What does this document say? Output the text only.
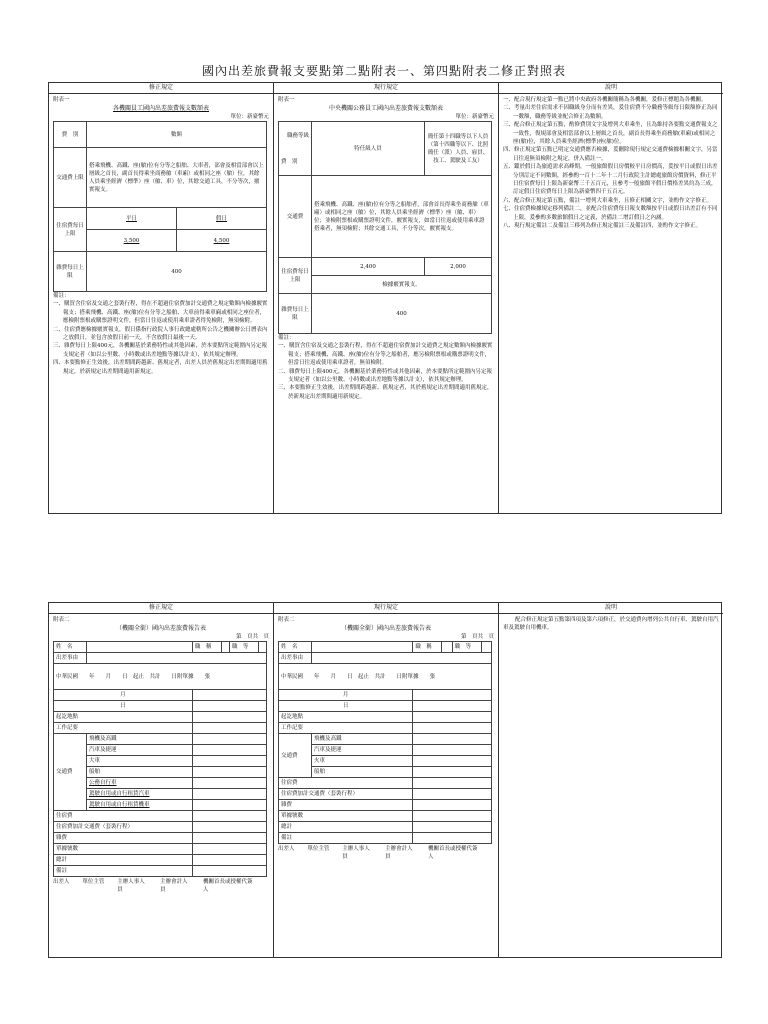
國內出差旅費報支要點第二點附表一、第四點附表二修正對照表
修正規定
附表一
各機關員工國內出差旅費報支數額表
單位：新臺幣元
費　別	數額	
交通費上限	搭乘飛機、高鐵、座(艙)位有分等之船舶、大車者，部會及相當部會以上層級之首長，副首長得乘坐商務艙（車廂）或相同之座（艙）位，其餘人員乘坐經濟（標準）座（艙、車）位，其餘交通工具，不分等次，覈實報支。	
住宿費每日上限	平日	假日
	3,500	4,500
雜費每日上限	400	
備註：

一、購買含住宿及交通之套裝行程，得在不超過住宿費加計交通費之規定數額內檢據覈實報支；搭乘飛機、高鐵、座(艙)位有分等之船舶、大車前得乘車廂或相同之座位者，應檢附票根或購票證明文件，但當日往返或使用乘車證者得免檢附，無須檢附。

二、住宿費應檢據覈實報支，假日係指行政院人事行政總處轄所公告之機關辦公日曆表內之放假日，並包含放假日前一天，不含放假日最後一天。

三、雜費每日上限400元，各機關基於業務特性或其他因素，於本要點所定範圍內另定報支規定者（如以公里數、小時數或出差地點等據以計支），依其規定辦理。

四、本要點修正生效後，出差期間跨越新、舊規定者，出差人員於舊規定出差期間適用舊規定，於新規定出差期間適用新規定。

現行規定
附表一
中央機關公務員工國內出差旅費報支數額表
單位：新臺幣元
職務等級
費　別	特任級人員	簡任第十四職等以下人員（第十四職等以下、比照簡任（派）人員、雇員、技工、駕駛及工友）
交通費	搭乘飛機、高鐵、座(艙)位有分等之船舶者，部會首長得乘坐商務艙（車廂）或相同之座（艙）位，其餘人員乘坐經濟（標準）座（艙、車）位；並檢附票根或購票證明文件，覈實報支，如當日往返或使用乘車證搭乘者，無須檢附；其餘交通工具，不分等次，覈實報支。	
住宿費每日上限	2,400	2,000
	檢據覈實報支。	
雜費每日上限	400	
備註：

一、購買含住宿及交通之套裝行程，得在不超過住宿費加計交通費之規定數額內檢據覈實報支；搭乘飛機、高鐵、座(艙)位有分等之船舶者，應另檢附票根或購票證明文件，但當日往返或使用乘車證者，無須檢附。

二、雜費每日上限400元，各機關基於業務特性或其他因素，於本要點所定範圍內另定報支規定者（如以公里數、小時數或出差地點等據以計支），依其規定辦理。

三、本要點修正生效後，出差期間跨越新、舊規定者，其於舊規定出差期間適用舊規定，於新規定出差期間適用新規定。

說明

一、配合現行規定第一點已將中央政府各機關簡稱為各機關，爰修正標題為各機關。

二、考量出差住宿需求不因職級身分而有差異，爰住宿費不分職務等級每日限額修正為同一數額，職務等級並配合修正為數額。

三、配合修正規定第五點，酌修費別文字及增列大車乘坐，且為維持各要點交通費報支之一致性，復規部會及相當部會以上層級之首長，副首長得乘坐商務艙(車廂)或相同之座(艙)位，其餘人員乘坐經濟(標準)座(艙)位。

四、修正規定第五點已明定交通費應否檢據，爰刪除現行規定交通費檢據相關文字，另當日往返無須檢附之規定，併入備註一。

五、鑑於假日為旅遊需求高峰期，一般旅館假日房價較平日房價高，爰按平日或假日出差分別訂定不同數額，經參酌一百十二年十二月行政院主計總處旅館房價資料，修正平日住宿費每日上限為新臺幣三千五百元，且參考一般旅館平假日價格差異約為三成，訂定假日住宿費每日上限為新臺幣四千五百元。

六、配合修正規定第五點，備註一增列大車乘坐，且修正相關文字，並酌作文字修正。

七、住宿費檢據規定移列備註二，並配合住宿費每日報支數額按平日或假日出差訂有不同上限，爰參酌多數旅館假日之定義，於備註二增訂假日之內涵。

八、現行規定備註二及備註三移列為修正規定備註三及備註四，並酌作文字修正。

修正規定
附表二
（機關全銜）國內出差旅費報告表
第　頁共　頁
姓　名		職　稱		職　等	
出差事由					
中華民國　　年　　月　　日　起止　共計　　日附單據　　張					
月					
日					
起訖地點					
工作記要					
交通費	飛機及高鐵				
	汽車及捷運				
	大車				
	船舶				
	公務自行車				
	駕駛自用或自行租賃汽車				
	駕駛自用或自行租賃機車				
住宿費					
住宿費加計交通費（套裝行程）					
雜費					
單據號數					
總計					
備註					
出差人 單位主管 主辦人事人員
主辦會計人員
機關首長或授權代簽人
現行規定
附表二
（機關全銜）國內出差旅費報告表
第　頁共　頁
姓　名		職　稱		職　等	
出差事由					
中華民國　　年　　月　　日　起止　共計　　日附單據　　張					
月					
日					
起訖地點					
工作記要					
交通費	飛機及高鐵				
	汽車及捷運				
	火車				
	船舶				
住宿費					
住宿費加計交通費（套裝行程）					
雜費					
單據號數					
總計					
備註					
出差人 單位主管 主辦人事人員
主辦會計人員
機關首長或授權代簽人
說明

配合修正規定第五點第四項及第六項修正，於交通費內增列公共自行車、駕駛自用汽車及駕駛自用機車。
